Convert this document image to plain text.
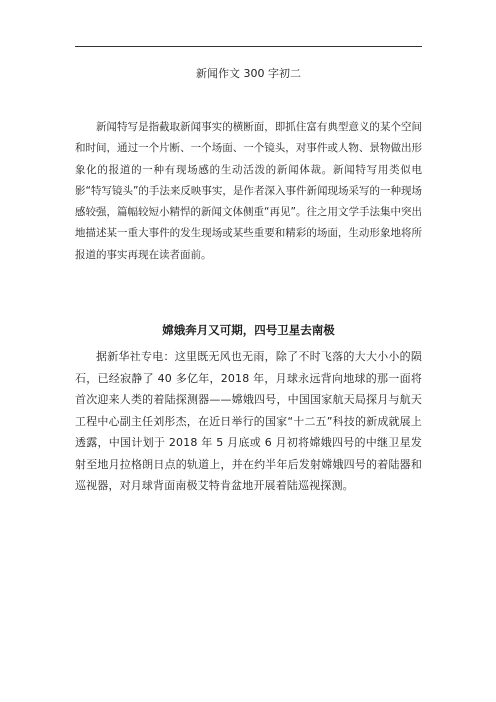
新闻作文 300 字初二

新闻特写是指截取新闻事实的横断面，即抓住富有典型意义的某个空间和时间，通过一个片断、一个场面、一个镜头，对事件或人物、景物做出形象化的报道的一种有现场感的生动活泼的新闻体裁。新闻特写用类似电影“特写镜头”的手法来反映事实，是作者深入事件新闻现场采写的一种现场感较强，篇幅较短小精悍的新闻文体侧重“再见”。往之用文学手法集中突出地描述某一重大事件的发生现场或某些重要和精彩的场面，生动形象地将所报道的事实再现在读者面前。

嫦娥奔月又可期，四号卫星去南极

据新华社专电：这里既无风也无雨，除了不时飞落的大大小小的陨石，已经寂静了 40 多亿年，2018 年，月球永远背向地球的那一面将首次迎来人类的着陆探测器——嫦娥四号，中国国家航天局探月与航天工程中心副主任刘彤杰，在近日举行的国家“十二五”科技的新成就展上透露，中国计划于 2018 年 5 月底或 6 月初将嫦娥四号的中继卫星发射至地月拉格朗日点的轨道上，并在约半年后发射嫦娥四号的着陆器和巡视器，对月球背面南极艾特肯盆地开展着陆巡视探测。
